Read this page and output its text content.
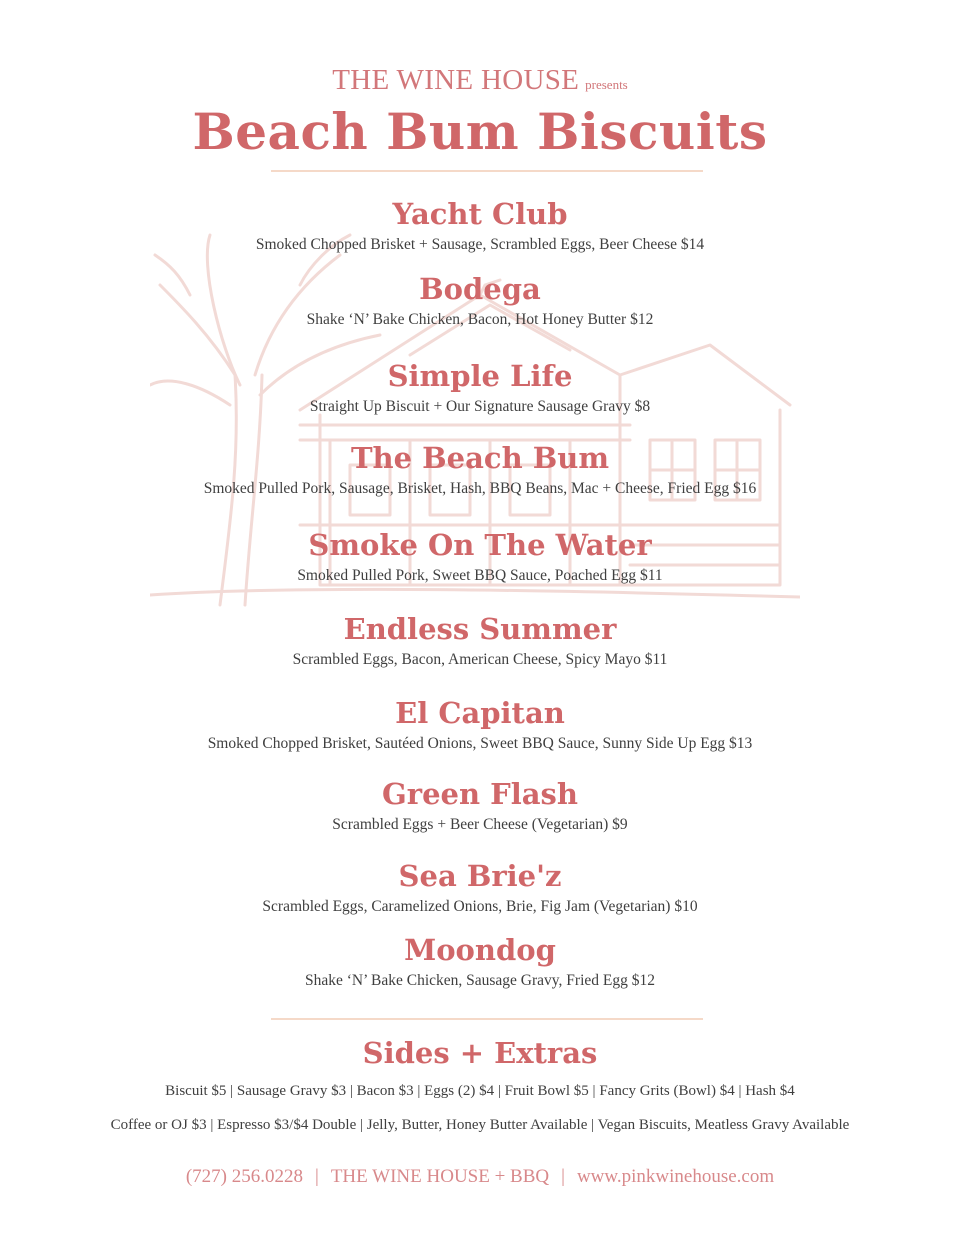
THE WINE HOUSE presents
Beach Bum Biscuits
Yacht Club
Smoked Chopped Brisket + Sausage, Scrambled Eggs, Beer Cheese $14
Bodega
Shake ‘N’ Bake Chicken, Bacon, Hot Honey Butter $12
Simple Life
Straight Up Biscuit + Our Signature Sausage Gravy $8
The Beach Bum
Smoked Pulled Pork, Sausage, Brisket, Hash, BBQ Beans, Mac + Cheese, Fried Egg $16
Smoke On The Water
Smoked Pulled Pork, Sweet BBQ Sauce, Poached Egg $11
Endless Summer
Scrambled Eggs, Bacon, American Cheese, Spicy Mayo $11
El Capitan
Smoked Chopped Brisket, Sautéed Onions, Sweet BBQ Sauce, Sunny Side Up Egg $13
Green Flash
Scrambled Eggs + Beer Cheese (Vegetarian) $9
Sea Brie'z
Scrambled Eggs, Caramelized Onions, Brie, Fig Jam (Vegetarian) $10
Moondog
Shake ‘N’ Bake Chicken, Sausage Gravy, Fried Egg $12
Sides + Extras
Biscuit $5 | Sausage Gravy $3 | Bacon $3 | Eggs (2) $4 | Fruit Bowl $5 | Fancy Grits (Bowl) $4 | Hash $4
Coffee or OJ $3 | Espresso $3/$4 Double | Jelly, Butter, Honey Butter Available | Vegan Biscuits, Meatless Gravy Available
(727) 256.0228 | THE WINE HOUSE + BBQ | www.pinkwinehouse.com
